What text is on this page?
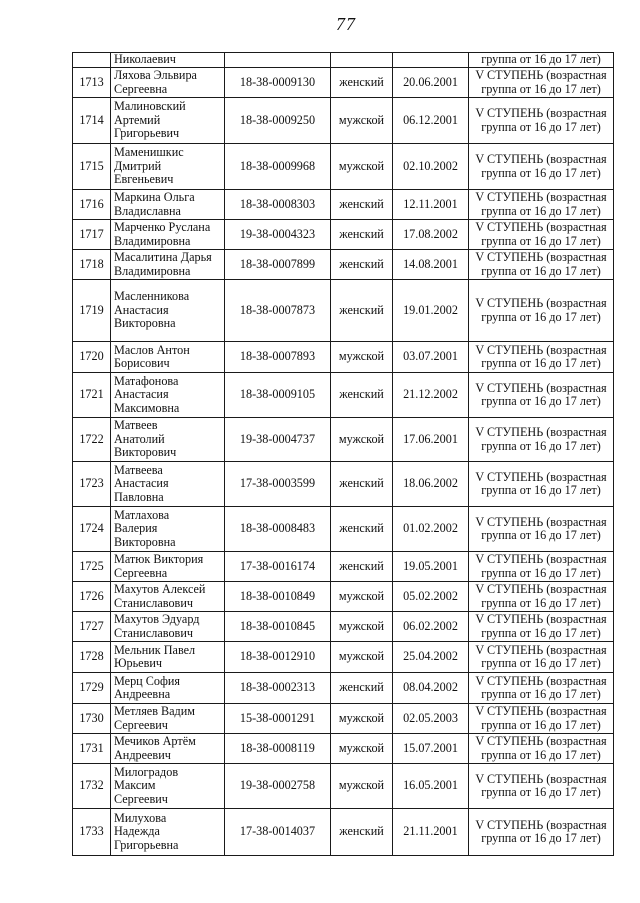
77

	Николаевич				группа от 16 до 17 лет)

1713	Ляхова Эльвира
Сергеевна	18-38-0009130	женский	20.06.2001	V СТУПЕНЬ (возрастная
группа от 16 до 17 лет)

1714	Малиновский
Артемий
Григорьевич	18-38-0009250	мужской	06.12.2001	V СТУПЕНЬ (возрастная
группа от 16 до 17 лет)

1715	Маменишкис
Дмитрий
Евгеньевич	18-38-0009968	мужской	02.10.2002	V СТУПЕНЬ (возрастная
группа от 16 до 17 лет)

1716	Маркина Ольга
Владиславна	18-38-0008303	женский	12.11.2001	V СТУПЕНЬ (возрастная
группа от 16 до 17 лет)

1717	Марченко Руслана
Владимировна	19-38-0004323	женский	17.08.2002	V СТУПЕНЬ (возрастная
группа от 16 до 17 лет)

1718	Масалитина Дарья
Владимировна	18-38-0007899	женский	14.08.2001	V СТУПЕНЬ (возрастная
группа от 16 до 17 лет)

1719	Масленникова
Анастасия
Викторовна	18-38-0007873	женский	19.01.2002	V СТУПЕНЬ (возрастная
группа от 16 до 17 лет)

1720	Маслов Антон
Борисович	18-38-0007893	мужской	03.07.2001	V СТУПЕНЬ (возрастная
группа от 16 до 17 лет)

1721	Матафонова
Анастасия
Максимовна	18-38-0009105	женский	21.12.2002	V СТУПЕНЬ (возрастная
группа от 16 до 17 лет)

1722	Матвеев
Анатолий
Викторович	19-38-0004737	мужской	17.06.2001	V СТУПЕНЬ (возрастная
группа от 16 до 17 лет)

1723	Матвеева
Анастасия
Павловна	17-38-0003599	женский	18.06.2002	V СТУПЕНЬ (возрастная
группа от 16 до 17 лет)

1724	Матлахова
Валерия
Викторовна	18-38-0008483	женский	01.02.2002	V СТУПЕНЬ (возрастная
группа от 16 до 17 лет)

1725	Матюк Виктория
Сергеевна	17-38-0016174	женский	19.05.2001	V СТУПЕНЬ (возрастная
группа от 16 до 17 лет)

1726	Махутов Алексей
Станиславович	18-38-0010849	мужской	05.02.2002	V СТУПЕНЬ (возрастная
группа от 16 до 17 лет)

1727	Махутов Эдуард
Станиславович	18-38-0010845	мужской	06.02.2002	V СТУПЕНЬ (возрастная
группа от 16 до 17 лет)

1728	Мельник Павел
Юрьевич	18-38-0012910	мужской	25.04.2002	V СТУПЕНЬ (возрастная
группа от 16 до 17 лет)

1729	Мерц София
Андреевна	18-38-0002313	женский	08.04.2002	V СТУПЕНЬ (возрастная
группа от 16 до 17 лет)

1730	Метляев Вадим
Сергеевич	15-38-0001291	мужской	02.05.2003	V СТУПЕНЬ (возрастная
группа от 16 до 17 лет)

1731	Мечиков Артём
Андреевич	18-38-0008119	мужской	15.07.2001	V СТУПЕНЬ (возрастная
группа от 16 до 17 лет)

1732	Милоградов
Максим
Сергеевич	19-38-0002758	мужской	16.05.2001	V СТУПЕНЬ (возрастная
группа от 16 до 17 лет)

1733	Милухова
Надежда
Григорьевна	17-38-0014037	женский	21.11.2001	V СТУПЕНЬ (возрастная
группа от 16 до 17 лет)
